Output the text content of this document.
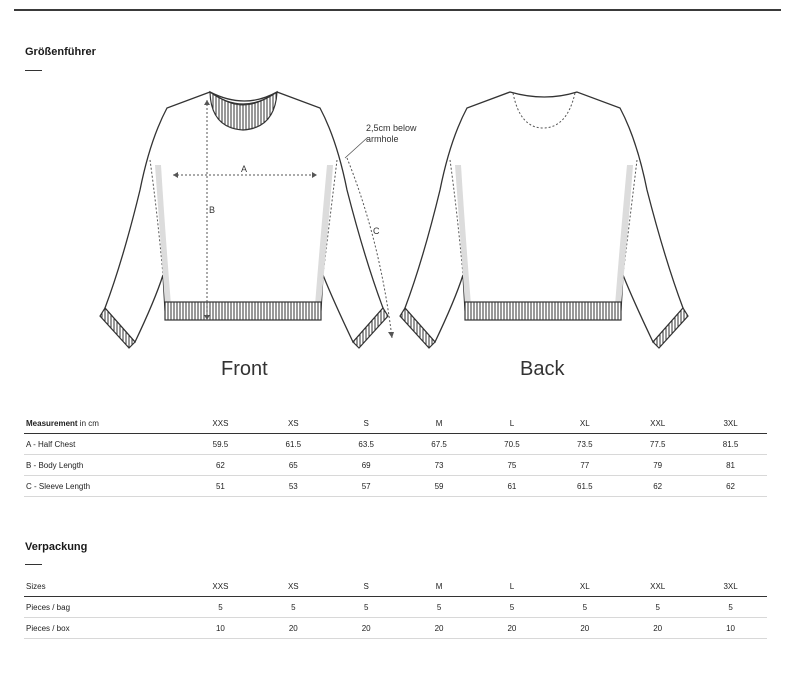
Größenführer
A
B
C
2,5cm below
armhole
Front	Back
Measurement in cm	XXS	XS	S	M	L	XL	XXL	3XL
A - Half Chest	59.5	61.5	63.5	67.5	70.5	73.5	77.5	81.5
B - Body Length	62	65	69	73	75	77	79	81
C - Sleeve Length	51	53	57	59	61	61.5	62	62
Verpackung
Sizes	XXS	XS	S	M	L	XL	XXL	3XL
Pieces / bag	5	5	5	5	5	5	5	5
Pieces / box	10	20	20	20	20	20	20	10
